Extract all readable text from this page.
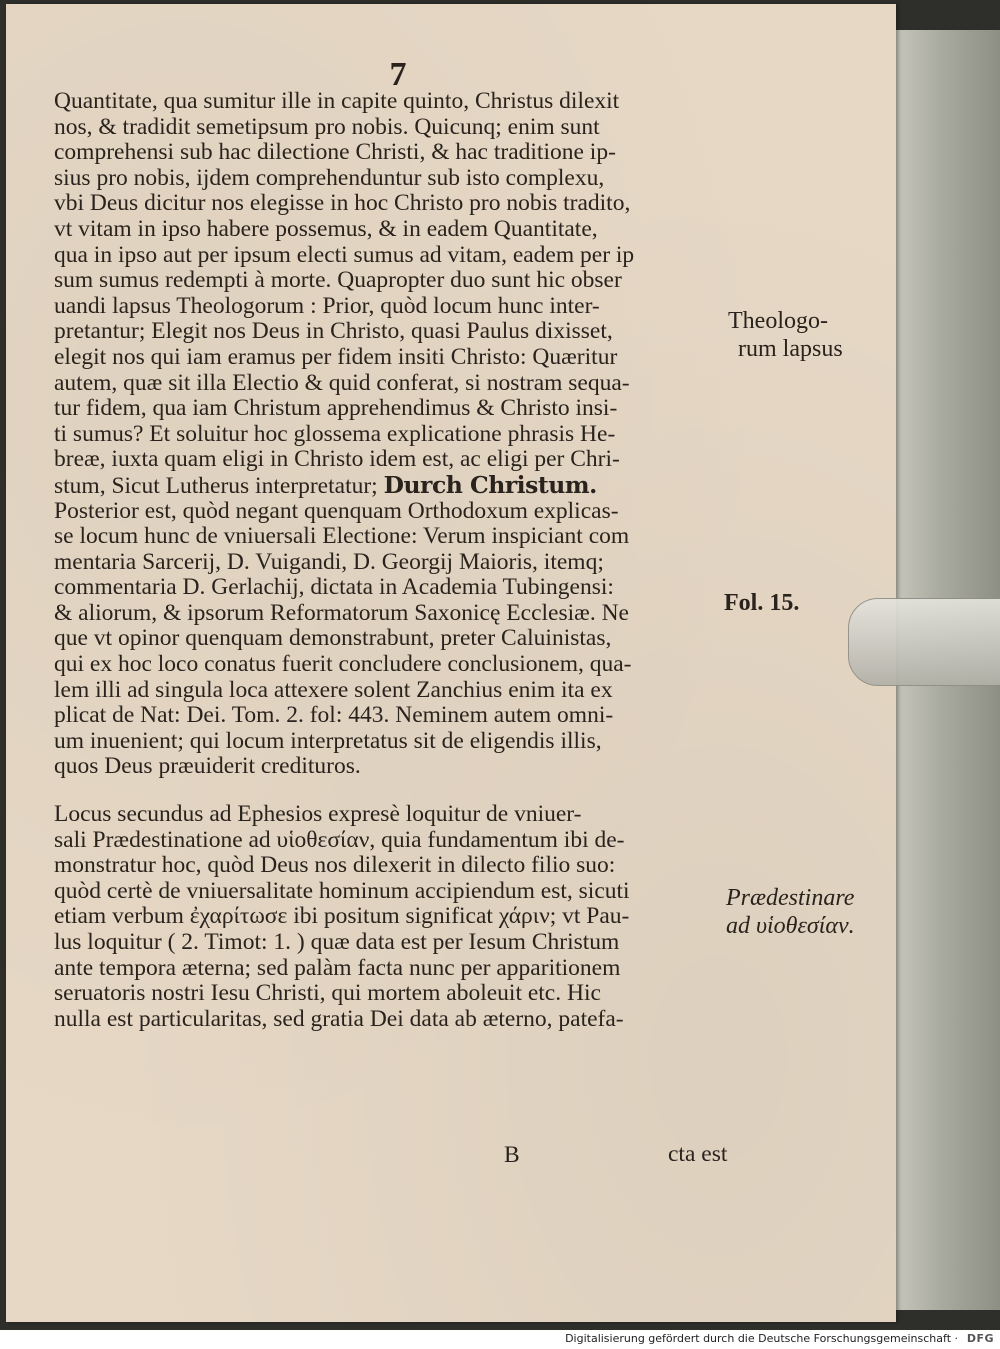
7
Quantitate, qua sumitur ille in capite quinto, Christus dilexit
nos, & tradidit semetipsum pro nobis. Quicunq; enim sunt
comprehensi sub hac dilectione Christi, & hac traditione ip-
sius pro nobis, ijdem comprehenduntur sub isto complexu,
vbi Deus dicitur nos elegisse in hoc Christo pro nobis tradito,
vt vitam in ipso habere possemus, & in eadem Quantitate,
qua in ipso aut per ipsum electi sumus ad vitam, eadem per ip
sum sumus redempti à morte. Quapropter duo sunt hic obser
uandi lapsus Theologorum : Prior, quòd locum hunc inter-
pretantur; Elegit nos Deus in Christo, quasi Paulus dixisset,
elegit nos qui iam eramus per fidem insiti Christo: Quæritur
autem, quæ sit illa Electio & quid conferat, si nostram sequa-
tur fidem, qua iam Christum apprehendimus & Christo insi-
ti sumus? Et soluitur hoc glossema explicatione phrasis He-
breæ, iuxta quam eligi in Christo idem est, ac eligi per Chri-
stum, Sicut Lutherus interpretatur; Durch Christum.
Posterior est, quòd negant quenquam Orthodoxum explicas-
se locum hunc de vniuersali Electione: Verum inspiciant com
mentaria Sarcerij, D. Vuigandi, D. Georgij Maioris, itemq;
commentaria D. Gerlachij, dictata in Academia Tubingensi:
& aliorum, & ipsorum Reformatorum Saxonicę Ecclesiæ. Ne
que vt opinor quenquam demonstrabunt, preter Caluinistas,
qui ex hoc loco conatus fuerit concludere conclusionem, qua-
lem illi ad singula loca attexere solent Zanchius enim ita ex
plicat de Nat: Dei. Tom. 2. fol: 443. Neminem autem omni-
um inuenient; qui locum interpretatus sit de eligendis illis,
quos Deus præuiderit credituros.
Locus secundus ad Ephesios expresè loquitur de vniuer-
sali Prædestinatione ad υἱοθεσίαν, quia fundamentum ibi de-
monstratur hoc, quòd Deus nos dilexerit in dilecto filio suo:
quòd certè de vniuersalitate hominum accipiendum est, sicuti
etiam verbum ἐχαρίτωσε ibi positum significat χάριν; vt Pau-
lus loquitur ( 2. Timot: 1. ) quæ data est per Iesum Christum
ante tempora æterna; sed palàm facta nunc per apparitionem
seruatoris nostri Iesu Christi, qui mortem aboleuit etc. Hic
nulla est particularitas, sed gratia Dei data ab æterno, patefa-
Theologo-
rum lapsus
Fol. 15.
Prædestinare
ad υἱοθεσίαν.
B	cta est
Digitalisierung gefördert durch die Deutsche Forschungsgemeinschaft · DFG
